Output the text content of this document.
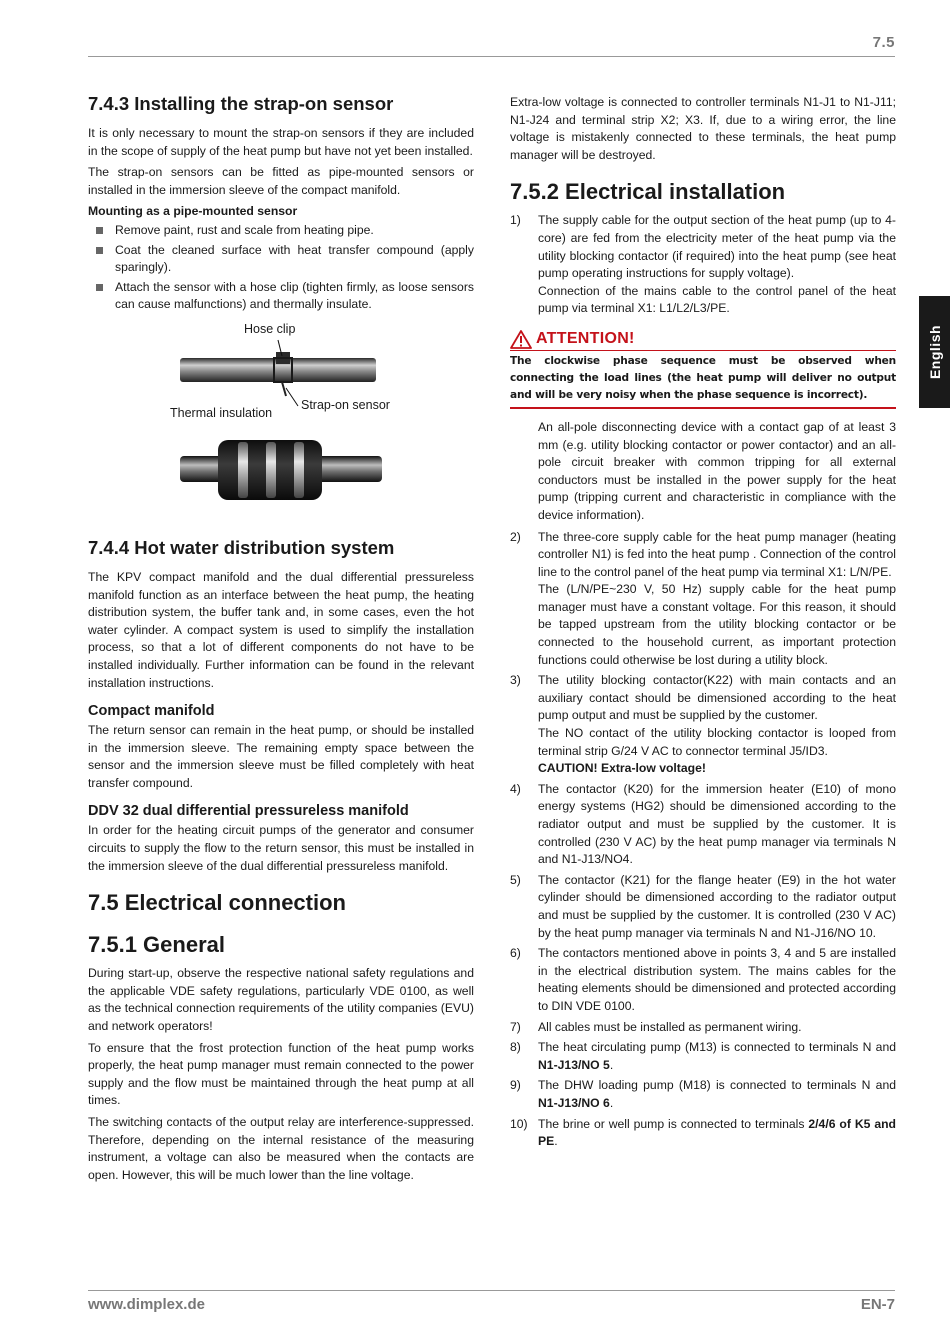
7.5
English
7.4.3 Installing the strap-on sensor

It is only necessary to mount the strap-on sensors if they are included in the scope of supply of the heat pump but have not yet been installed.

The strap-on sensors can be fitted as pipe-mounted sensors or installed in the immersion sleeve of the compact manifold.

Mounting as a pipe-mounted sensor
Remove paint, rust and scale from heating pipe.
Coat the cleaned surface with heat transfer compound (apply sparingly).
Attach the sensor with a hose clip (tighten firmly, as loose sensors can cause malfunctions) and thermally insulate.
Hose clip
Strap-on sensor
Thermal insulation
7.4.4 Hot water distribution system

The KPV compact manifold and the dual differential pressureless manifold function as an interface between the heat pump, the heating distribution system, the buffer tank and, in some cases, even the hot water cylinder. A compact system is used to simplify the installation process, so that a lot of different components do not have to be installed individually. Further information can be found in the relevant installation instructions.

Compact manifold

The return sensor can remain in the heat pump, or should be installed in the immersion sleeve. The remaining empty space between the sensor and the immersion sleeve must be filled completely with heat transfer compound.

DDV 32 dual differential pressureless manifold

In order for the heating circuit pumps of the generator and consumer circuits to supply the flow to the return sensor, this must be installed in the immersion sleeve of the dual differential pressureless manifold.

7.5 Electrical connection
7.5.1 General

During start-up, observe the respective national safety regulations and the applicable VDE safety regulations, particularly VDE 0100, as well as the technical connection requirements of the utility companies (EVU) and network operators!

To ensure that the frost protection function of the heat pump works properly, the heat pump manager must remain connected to the power supply and the flow must be maintained through the heat pump at all times.

The switching contacts of the output relay are interference-suppressed. Therefore, depending on the internal resistance of the measuring instrument, a voltage can also be measured when the contacts are open. However, this will be much lower than the line voltage.

Extra-low voltage is connected to controller terminals N1-J1 to N1-J11; N1-J24 and terminal strip X2; X3. If, due to a wiring error, the line voltage is mistakenly connected to these terminals, the heat pump manager will be destroyed.

7.5.2 Electrical installation
1) The supply cable for the output section of the heat pump (up to 4-core) are fed from the electricity meter of the heat pump via the utility blocking contactor (if required) into the heat pump (see heat pump operating instructions for supply voltage).
Connection of the mains cable to the control panel of the heat pump via terminal X1: L1/L2/L3/PE.
ATTENTION!
The clockwise phase sequence must be observed when connecting the load lines (the heat pump will deliver no output and will be very noisy when the phase sequence is incorrect).

An all-pole disconnecting device with a contact gap of at least 3 mm (e.g. utility blocking contactor or power contactor) and an all-pole circuit breaker with common tripping for all external conductors must be installed in the power supply for the heat pump (tripping current and characteristic in compliance with the device information).

2) The three-core supply cable for the heat pump manager (heating controller N1) is fed into the heat pump . Connection of the control line to the control panel of the heat pump via terminal X1: L/N/PE.
The (L/N/PE~230 V, 50 Hz) supply cable for the heat pump manager must have a constant voltage. For this reason, it should be tapped upstream from the utility blocking contactor or be connected to the household current, as important protection functions could otherwise be lost during a utility block.
3) The utility blocking contactor(K22) with main contacts and an auxiliary contact should be dimensioned according to the heat pump output and must be supplied by the customer.
The NO contact of the utility blocking contactor is looped from terminal strip G/24 V AC to connector terminal J5/ID3.
CAUTION! Extra-low voltage!
4) The contactor (K20) for the immersion heater (E10) of mono energy systems (HG2) should be dimensioned according to the radiator output and must be supplied by the customer. It is controlled (230 V AC) by the heat pump manager via terminals N and N1-J13/NO4.
5) The contactor (K21) for the flange heater (E9) in the hot water cylinder should be dimensioned according to the radiator output and must be supplied by the customer. It is controlled (230 V AC) by the heat pump manager via terminals N and N1-J16/NO 10.
6) The contactors mentioned above in points 3, 4 and 5 are installed in the electrical distribution system. The mains cables for the heating elements should be dimensioned and protected according to DIN VDE 0100.
7) All cables must be installed as permanent wiring.
8) The heat circulating pump (M13) is connected to terminals N and N1-J13/NO 5.
9) The DHW loading pump (M18) is connected to terminals N and N1-J13/NO 6.
10) The brine or well pump is connected to terminals 2/4/6 of K5 and PE.
www.dimplex.de	EN-7
